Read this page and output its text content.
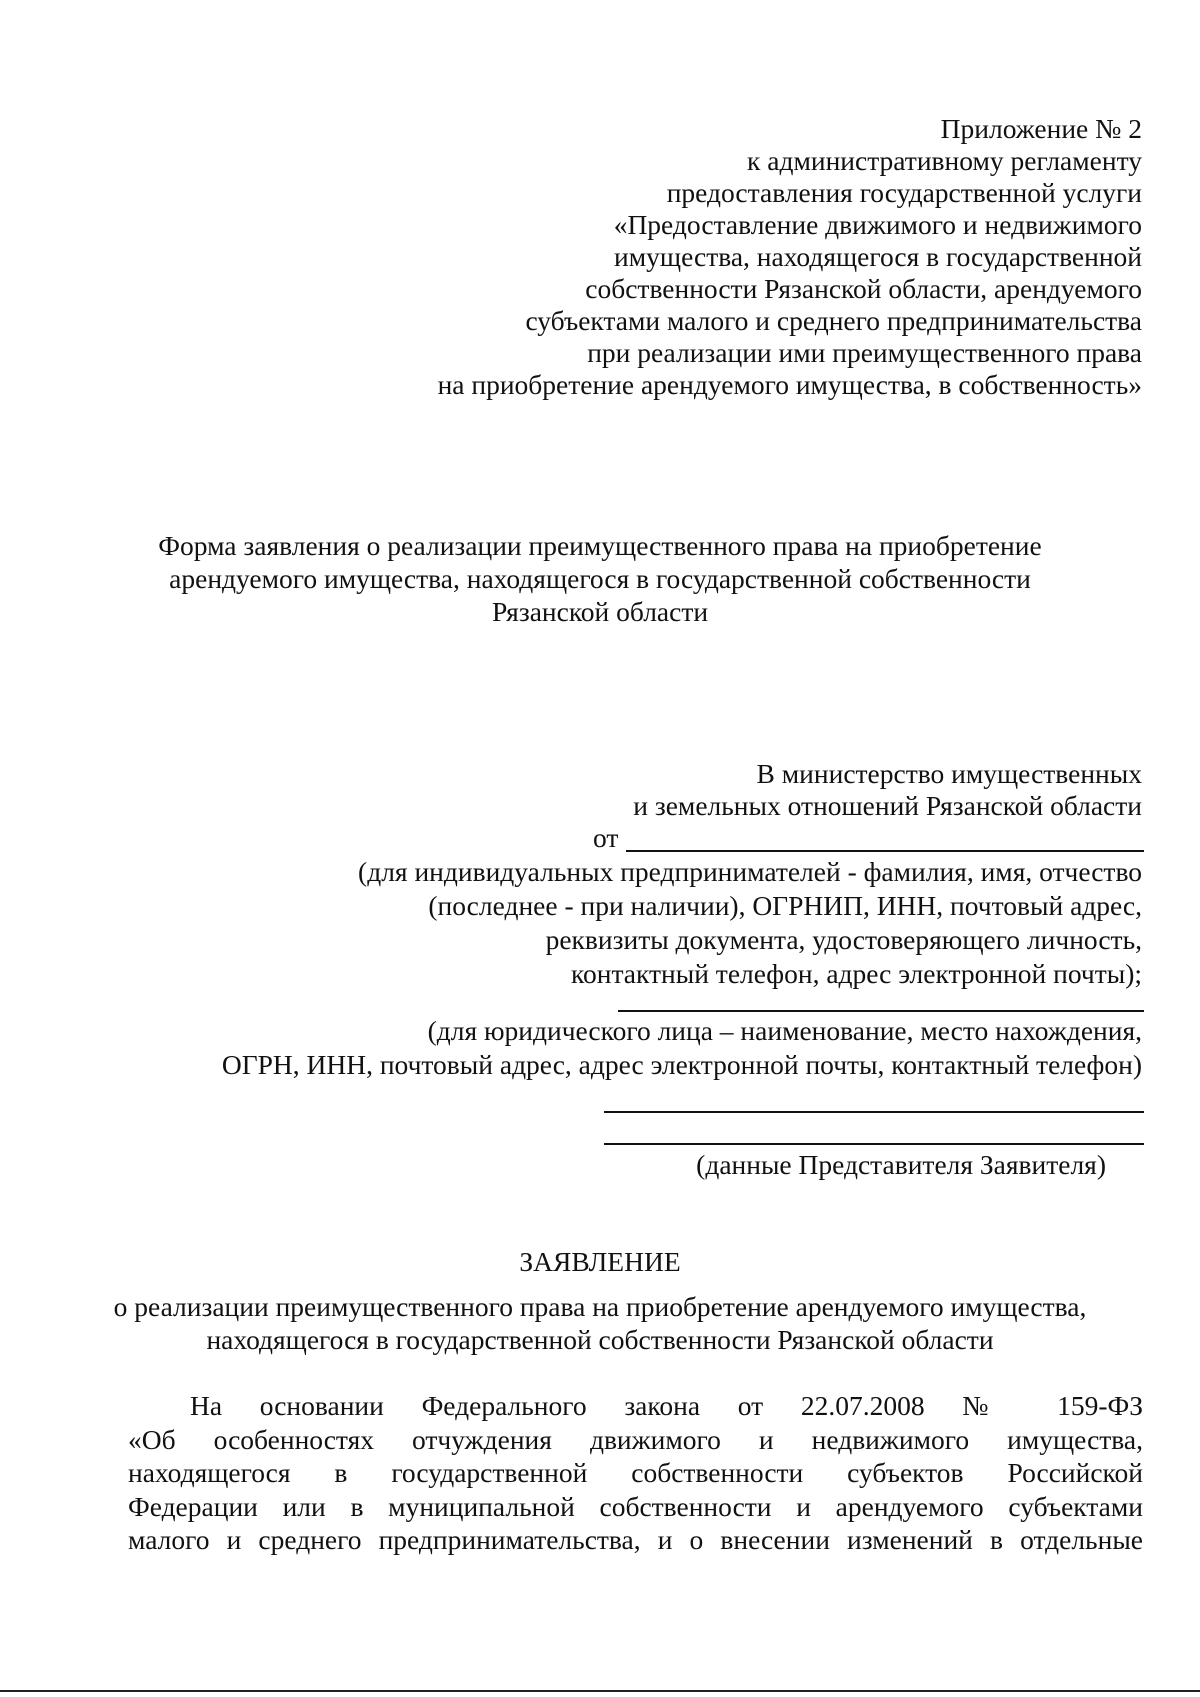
Приложение № 2
к административному регламенту
предоставления государственной услуги
«Предоставление движимого и недвижимого
имущества, находящегося в государственной
собственности Рязанской области, арендуемого
субъектами малого и среднего предпринимательства
при реализации ими преимущественного права
на приобретение арендуемого имущества, в собственность»
Форма заявления о реализации преимущественного права на приобретение
арендуемого имущества, находящегося в государственной собственности
Рязанской области
В министерство имущественных
и земельных отношений Рязанской области
от
(для индивидуальных предпринимателей - фамилия, имя, отчество
(последнее - при наличии), ОГРНИП, ИНН, почтовый адрес,
реквизиты документа, удостоверяющего личность,
контактный телефон, адрес электронной почты);
(для юридического лица – наименование, место нахождения,
ОГРН, ИНН, почтовый адрес, адрес электронной почты, контактный телефон)
(данные Представителя Заявителя)
ЗАЯВЛЕНИЕ
о реализации преимущественного права на приобретение арендуемого имущества,
находящегося в государственной собственности Рязанской области
На основании Федерального закона от 22.07.2008 № 159-ФЗ
«Об особенностях отчуждения движимого и недвижимого имущества,
находящегося в государственной собственности субъектов Российской
Федерации или в муниципальной собственности и арендуемого субъектами
малого и среднего предпринимательства, и о внесении изменений в отдельные
